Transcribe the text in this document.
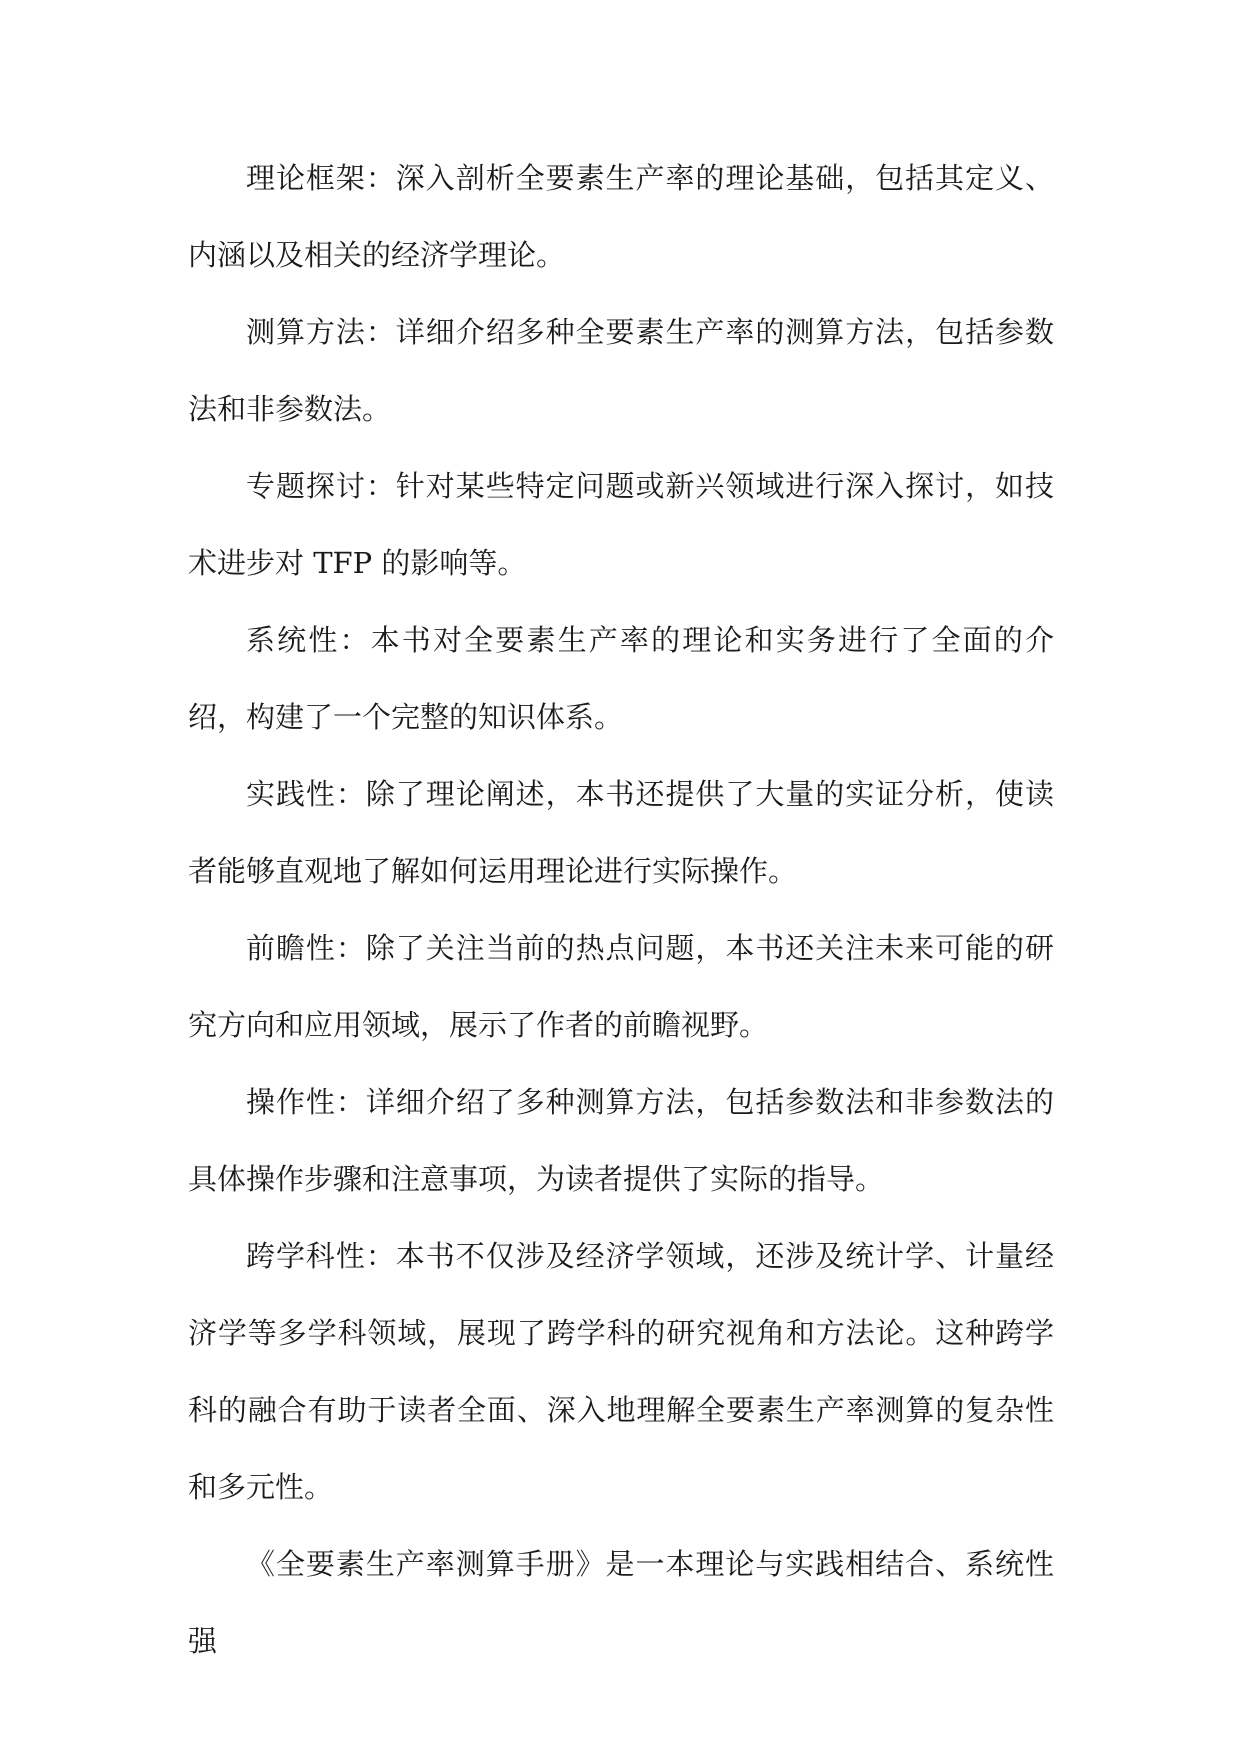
理论框架：深入剖析全要素生产率的理论基础，包括其定义、内涵以及相关的经济学理论。

测算方法：详细介绍多种全要素生产率的测算方法，包括参数法和非参数法。

专题探讨：针对某些特定问题或新兴领域进行深入探讨，如技术进步对 TFP 的影响等。

系统性：本书对全要素生产率的理论和实务进行了全面的介绍，构建了一个完整的知识体系。

实践性：除了理论阐述，本书还提供了大量的实证分析，使读者能够直观地了解如何运用理论进行实际操作。

前瞻性：除了关注当前的热点问题，本书还关注未来可能的研究方向和应用领域，展示了作者的前瞻视野。

操作性：详细介绍了多种测算方法，包括参数法和非参数法的具体操作步骤和注意事项，为读者提供了实际的指导。

跨学科性：本书不仅涉及经济学领域，还涉及统计学、计量经济学等多学科领域，展现了跨学科的研究视角和方法论。这种跨学科的融合有助于读者全面、深入地理解全要素生产率测算的复杂性和多元性。

《全要素生产率测算手册》是一本理论与实践相结合、系统性强
